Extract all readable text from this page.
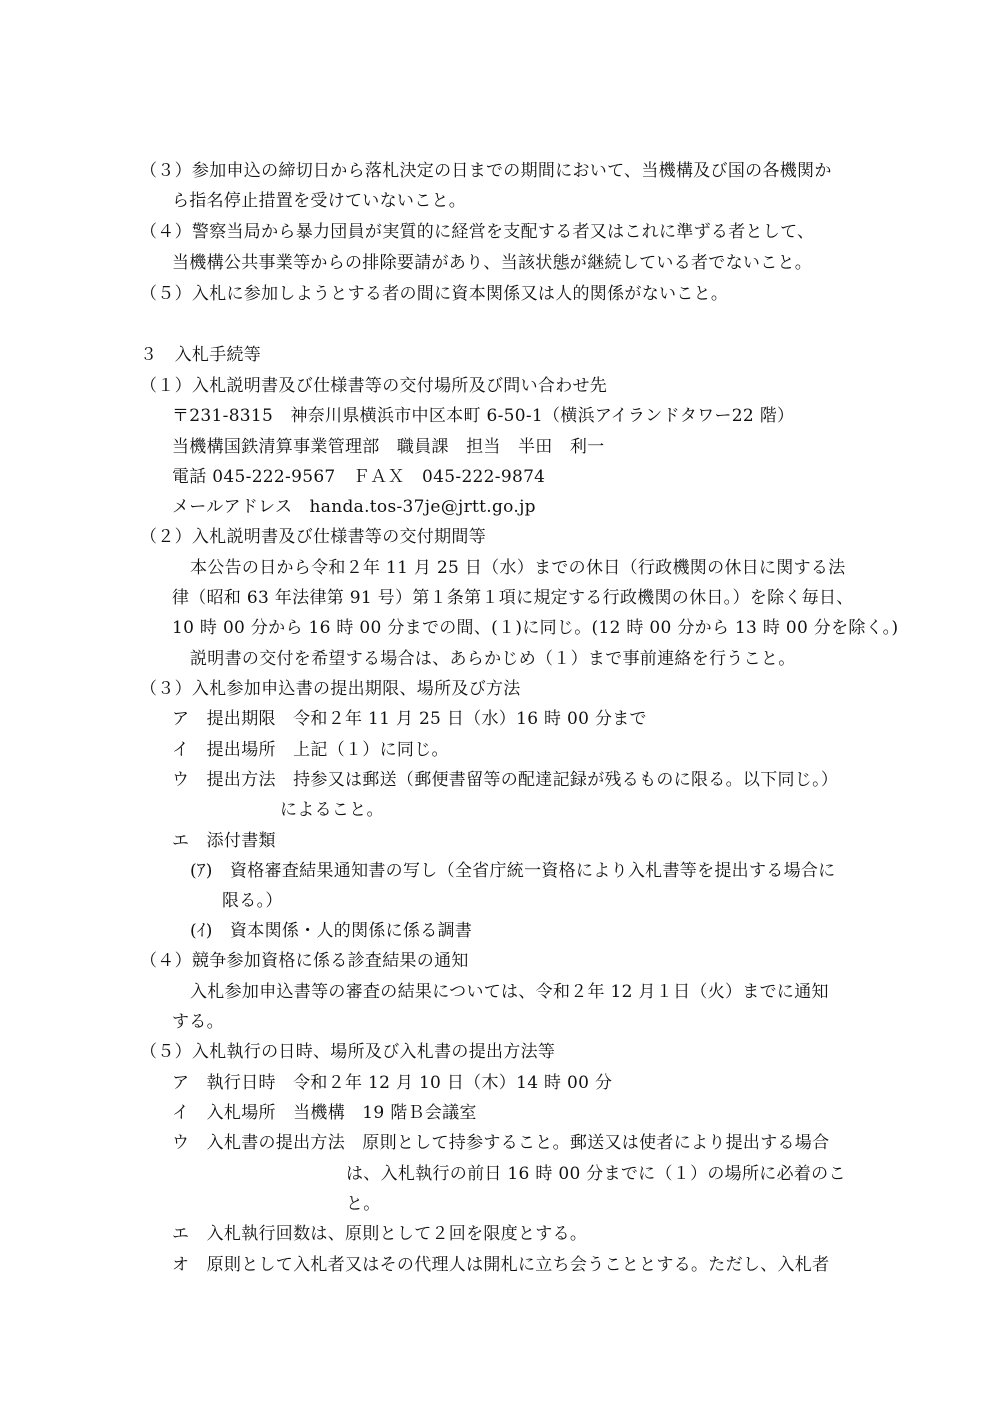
（３）参加申込の締切日から落札決定の日までの期間において、当機構及び国の各機関か
ら指名停止措置を受けていないこと。
（４）警察当局から暴力団員が実質的に経営を支配する者又はこれに準ずる者として、
当機構公共事業等からの排除要請があり、当該状態が継続している者でないこと。
（５）入札に参加しようとする者の間に資本関係又は人的関係がないこと。
３　入札手続等
（１）入札説明書及び仕様書等の交付場所及び問い合わせ先
〒231-8315　神奈川県横浜市中区本町 6-50-1（横浜アイランドタワー22 階）
当機構国鉄清算事業管理部　職員課　担当　半田　利一
電話 045‐222‐9567　ＦＡＸ　045‐222‐9874
メールアドレス　handa.tos-37je@jrtt.go.jp
（２）入札説明書及び仕様書等の交付期間等
本公告の日から令和２年 11 月 25 日（水）までの休日（行政機関の休日に関する法
律（昭和 63 年法律第 91 号）第１条第１項に規定する行政機関の休日。）を除く毎日、
10 時 00 分から 16 時 00 分までの間、(１)に同じ。(12 時 00 分から 13 時 00 分を除く。)
説明書の交付を希望する場合は、あらかじめ（１）まで事前連絡を行うこと。
（３）入札参加申込書の提出期限、場所及び方法
ア　提出期限　令和２年 11 月 25 日（水）16 時 00 分まで
イ　提出場所　上記（１）に同じ。
ウ　提出方法　持参又は郵送（郵便書留等の配達記録が残るものに限る。以下同じ。）
によること。
エ　添付書類
(ｱ)　資格審査結果通知書の写し（全省庁統一資格により入札書等を提出する場合に
限る。）
(ｲ)　資本関係・人的関係に係る調書
（４）競争参加資格に係る診査結果の通知
入札参加申込書等の審査の結果については、令和２年 12 月１日（火）までに通知
する。
（５）入札執行の日時、場所及び入札書の提出方法等
ア　執行日時　令和２年 12 月 10 日（木）14 時 00 分
イ　入札場所　当機構　19 階Ｂ会議室
ウ　入札書の提出方法　原則として持参すること。郵送又は使者により提出する場合
は、入札執行の前日 16 時 00 分までに（１）の場所に必着のこ
と。
エ　入札執行回数は、原則として２回を限度とする。
オ　原則として入札者又はその代理人は開札に立ち会うこととする。ただし、入札者
